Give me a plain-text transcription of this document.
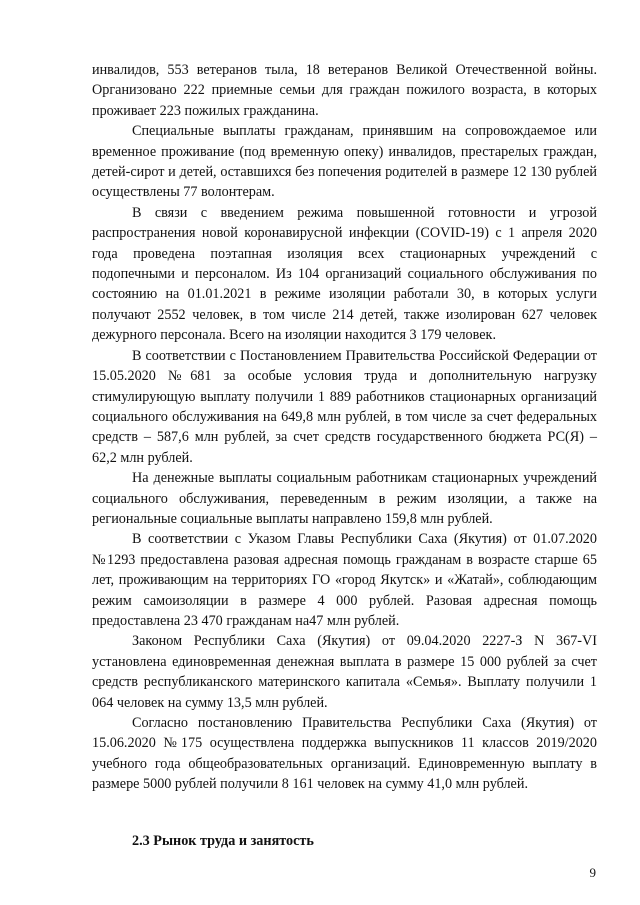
инвалидов, 553 ветеранов тыла, 18 ветеранов Великой Отечественной войны. Организовано 222 приемные семьи для граждан пожилого возраста, в которых проживает 223 пожилых гражданина.

Специальные выплаты гражданам, принявшим на сопровождаемое или временное проживание (под временную опеку) инвалидов, престарелых граждан, детей-сирот и детей, оставшихся без попечения родителей в размере 12 130 рублей осуществлены 77 волонтерам.

В связи с введением режима повышенной готовности и угрозой распространения новой коронавирусной инфекции (COVID-19) с 1 апреля 2020 года проведена поэтапная изоляция всех стационарных учреждений с подопечными и персоналом. Из 104 организаций социального обслуживания по состоянию на 01.01.2021 в режиме изоляции работали 30, в которых услуги получают 2552 человек, в том числе 214 детей, также изолирован 627 человек дежурного персонала. Всего на изоляции находится 3 179 человек.

В соответствии с Постановлением Правительства Российской Федерации от 15.05.2020 №681 за особые условия труда и дополнительную нагрузку стимулирующую выплату получили 1 889 работников стационарных организаций социального обслуживания на 649,8 млн рублей, в том числе за счет федеральных средств – 587,6 млн рублей, за счет средств государственного бюджета РС(Я) – 62,2 млн рублей.

На денежные выплаты социальным работникам стационарных учреждений социального обслуживания, переведенным в режим изоляции, а также на региональные социальные выплаты направлено 159,8 млн рублей.

В соответствии с Указом Главы Республики Саха (Якутия) от 01.07.2020 №1293 предоставлена разовая адресная помощь гражданам в возрасте старше 65 лет, проживающим на территориях ГО «город Якутск» и «Жатай», соблюдающим режим самоизоляции в размере 4 000 рублей. Разовая адресная помощь предоставлена 23 470 гражданам на47 млн рублей.

Законом Республики Саха (Якутия) от 09.04.2020 2227-З N 367-VI установлена единовременная денежная выплата в размере 15 000 рублей за счет средств республиканского материнского капитала «Семья». Выплату получили 1 064 человек на сумму 13,5 млн рублей.

Согласно постановлению Правительства Республики Саха (Якутия) от 15.06.2020 №175 осуществлена поддержка выпускников 11 классов 2019/2020 учебного года общеобразовательных организаций. Единовременную выплату в размере 5000 рублей получили 8 161 человек на сумму 41,0 млн рублей.

2.3 Рынок труда и занятость

9
